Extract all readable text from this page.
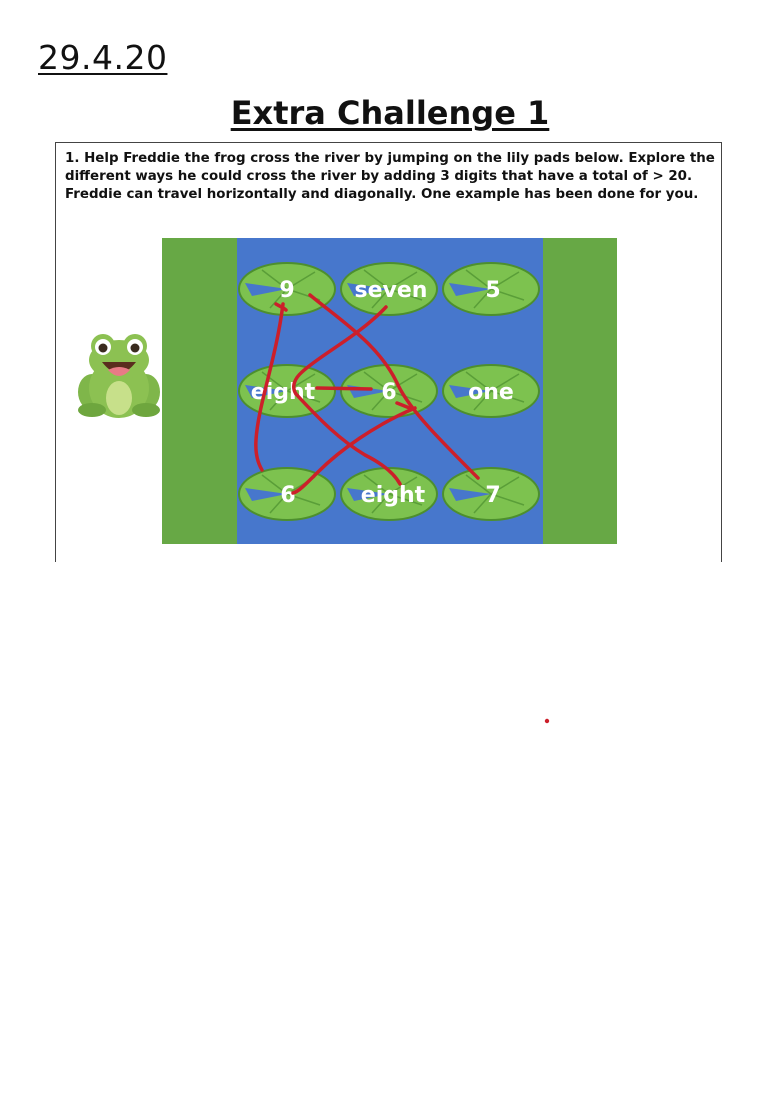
29.4.20
Extra Challenge 1

1. Help Freddie the frog cross the river by jumping on the lily pads below. Explore the

different ways he could cross the river by adding 3 digits that have a total of > 20.

Freddie can travel horizontally and diagonally. One example has been done for you.

9	seven	5
eight	6	one
6	eight	7
